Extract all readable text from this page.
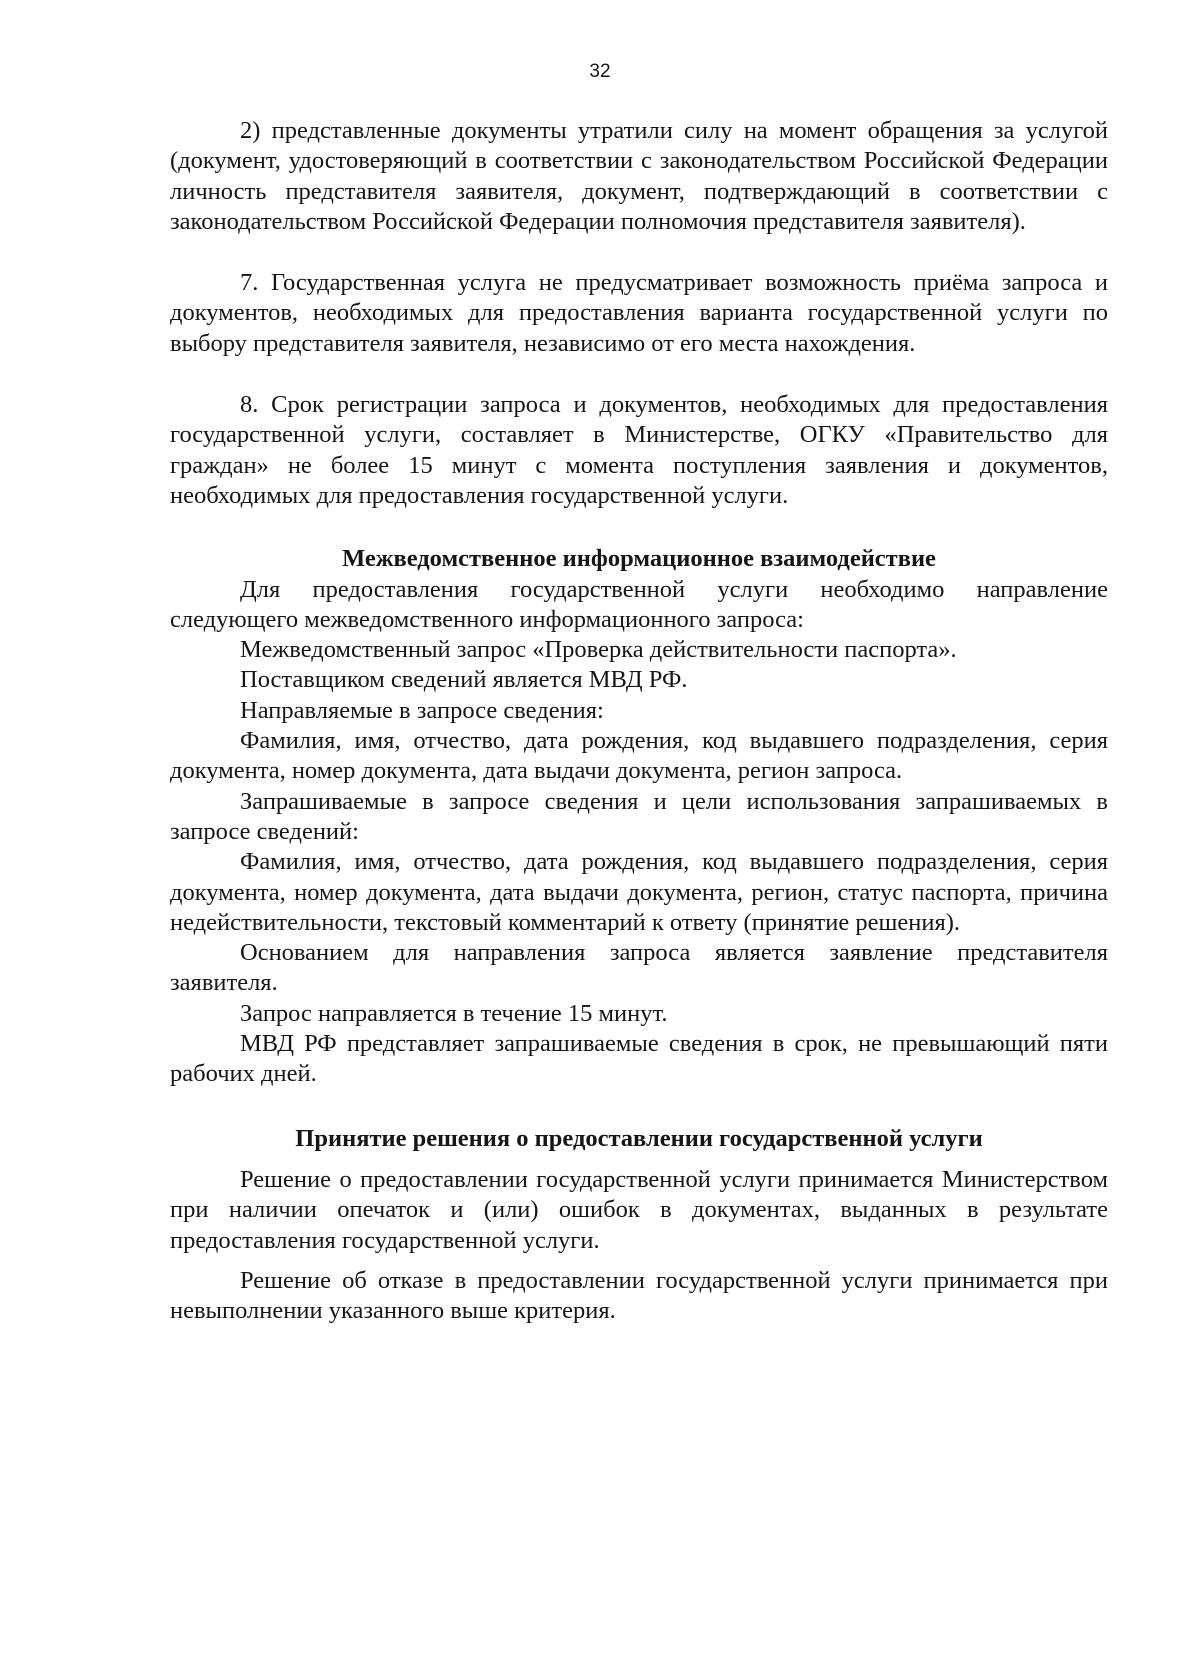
32

2) представленные документы утратили силу на момент обращения за услугой (документ, удостоверяющий в соответствии с законодательством Российской Федерации личность представителя заявителя, документ, подтверждающий в соответствии с законодательством Российской Федерации полномочия представителя заявителя).

7. Государственная услуга не предусматривает возможность приёма запроса и документов, необходимых для предоставления варианта государственной услуги по выбору представителя заявителя, независимо от его места нахождения.

8. Срок регистрации запроса и документов, необходимых для предоставления государственной услуги, составляет в Министерстве, ОГКУ «Правительство для граждан» не более 15 минут с момента поступления заявления и документов, необходимых для предоставления государственной услуги.

Межведомственное информационное взаимодействие

Для предоставления государственной услуги необходимо направление следующего межведомственного информационного запроса:

Межведомственный запрос «Проверка действительности паспорта».

Поставщиком сведений является МВД РФ.

Направляемые в запросе сведения:

Фамилия, имя, отчество, дата рождения, код выдавшего подразделения, серия документа, номер документа, дата выдачи документа, регион запроса.

Запрашиваемые в запросе сведения и цели использования запрашиваемых в запросе сведений:

Фамилия, имя, отчество, дата рождения, код выдавшего подразделения, серия документа, номер документа, дата выдачи документа, регион, статус паспорта, причина недействительности, текстовый комментарий к ответу (принятие решения).

Основанием для направления запроса является заявление представителя заявителя.

Запрос направляется в течение 15 минут.

МВД РФ представляет запрашиваемые сведения в срок, не превышающий пяти рабочих дней.

Принятие решения о предоставлении государственной услуги

Решение о предоставлении государственной услуги принимается Министерством при наличии опечаток и (или) ошибок в документах, выданных в результате предоставления государственной услуги.

Решение об отказе в предоставлении государственной услуги принимается при невыполнении указанного выше критерия.
